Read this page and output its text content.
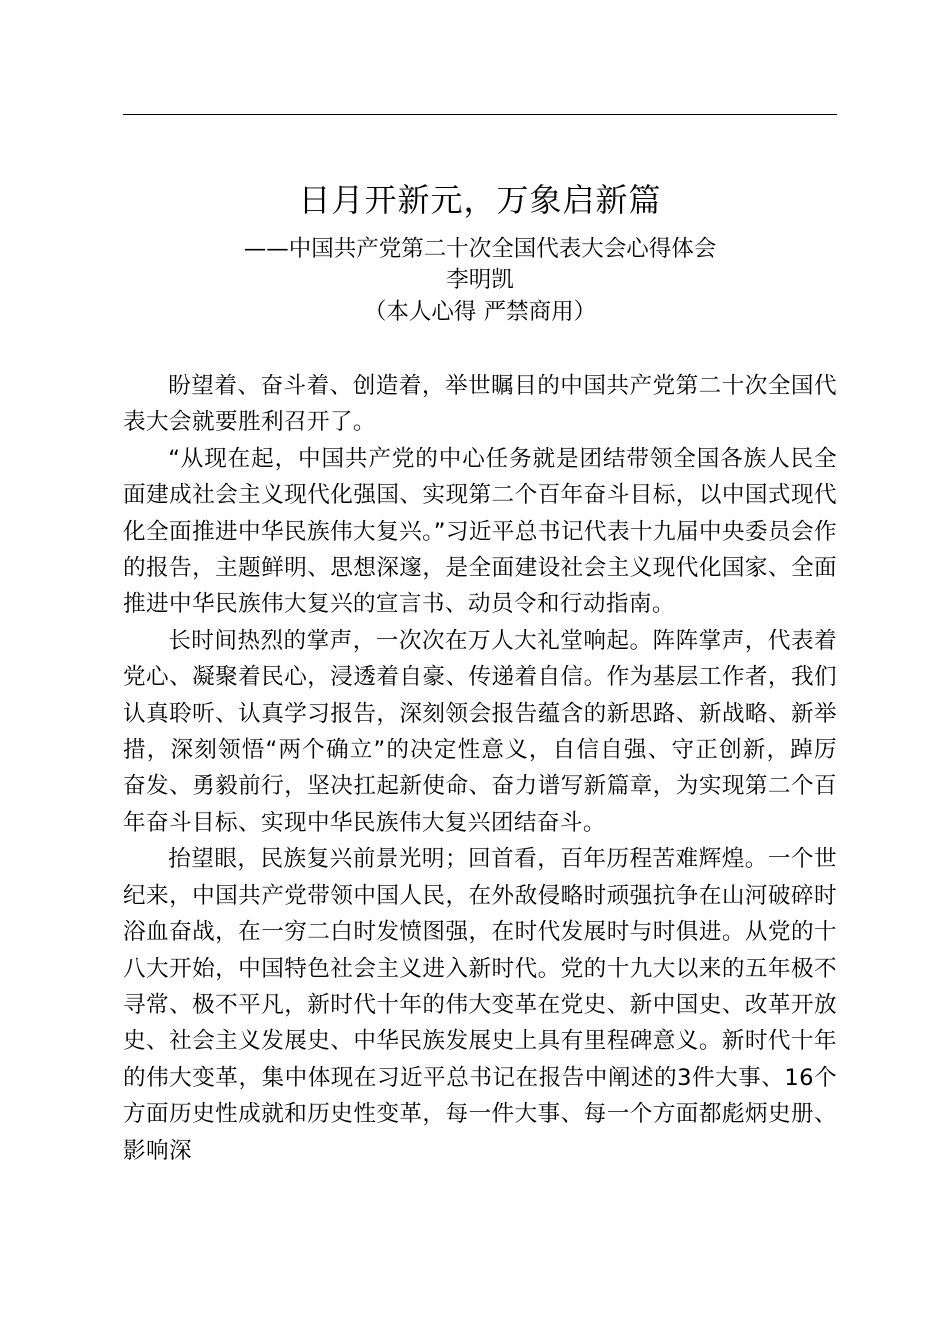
日月开新元，万象启新篇

——中国共产党第二十次全国代表大会心得体会

李明凯

（本人心得 严禁商用）

盼望着、奋斗着、创造着，举世瞩目的中国共产党第二十次全国代表大会就要胜利召开了。

“从现在起，中国共产党的中心任务就是团结带领全国各族人民全面建成社会主义现代化强国、实现第二个百年奋斗目标，以中国式现代化全面推进中华民族伟大复兴。”习近平总书记代表十九届中央委员会作的报告，主题鲜明、思想深邃，是全面建设社会主义现代化国家、全面推进中华民族伟大复兴的宣言书、动员令和行动指南。

长时间热烈的掌声，一次次在万人大礼堂响起。阵阵掌声，代表着党心、凝聚着民心，浸透着自豪、传递着自信。作为基层工作者，我们认真聆听、认真学习报告，深刻领会报告蕴含的新思路、新战略、新举措，深刻领悟“两个确立”的决定性意义，自信自强、守正创新，踔厉奋发、勇毅前行，坚决扛起新使命、奋力谱写新篇章，为实现第二个百年奋斗目标、实现中华民族伟大复兴团结奋斗。

抬望眼，民族复兴前景光明；回首看，百年历程苦难辉煌。一个世纪来，中国共产党带领中国人民，在外敌侵略时顽强抗争在山河破碎时浴血奋战，在一穷二白时发愤图强，在时代发展时与时俱进。从党的十八大开始，中国特色社会主义进入新时代。党的十九大以来的五年极不寻常、极不平凡，新时代十年的伟大变革在党史、新中国史、改革开放史、社会主义发展史、中华民族发展史上具有里程碑意义。新时代十年的伟大变革，集中体现在习近平总书记在报告中阐述的3件大事、16个方面历史性成就和历史性变革，每一件大事、每一个方面都彪炳史册、影响深
